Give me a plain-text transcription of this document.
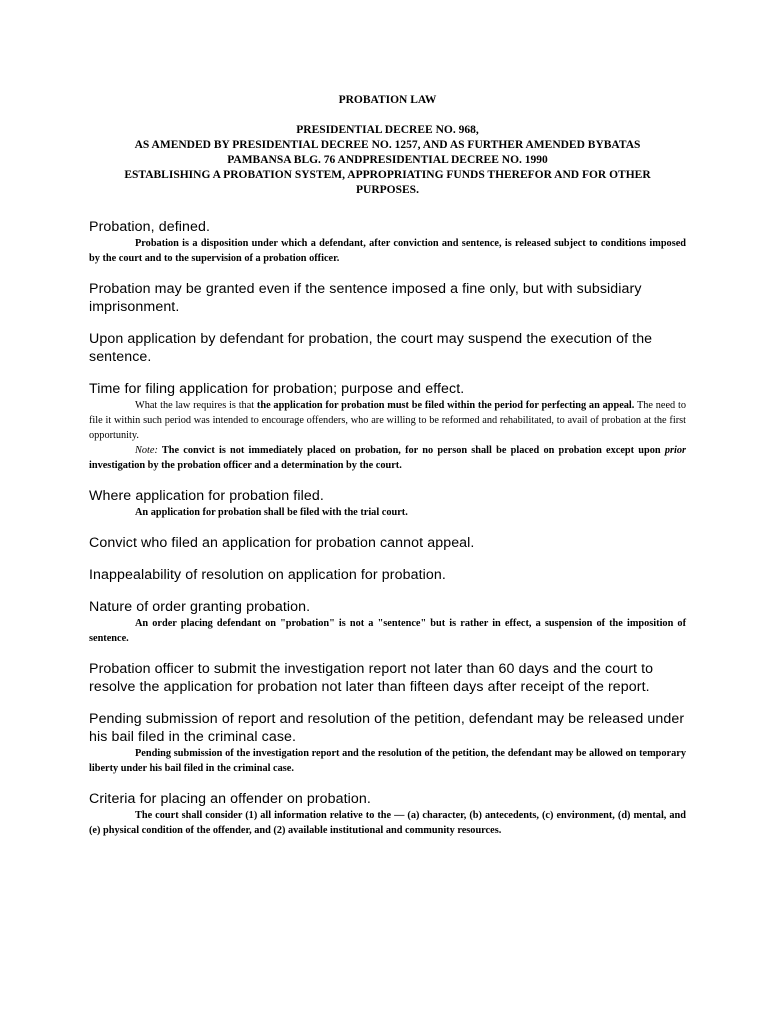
PROBATION LAW
PRESIDENTIAL DECREE NO. 968,
AS AMENDED BY PRESIDENTIAL DECREE NO. 1257, AND AS FURTHER AMENDED BYBATAS
PAMBANSA BLG. 76 ANDPRESIDENTIAL DECREE NO. 1990
ESTABLISHING A PROBATION SYSTEM, APPROPRIATING FUNDS THEREFOR AND FOR OTHER
PURPOSES.
Probation, defined.

Probation is a disposition under which a defendant, after conviction and sentence, is released subject to conditions imposed by the court and to the supervision of a probation officer.

Probation may be granted even if the sentence imposed a fine only, but with subsidiary imprisonment.
Upon application by defendant for probation, the court may suspend the execution of the sentence.
Time for filing application for probation; purpose and effect.

What the law requires is that the application for probation must be filed within the period for perfecting an appeal. The need to file it within such period was intended to encourage offenders, who are willing to be reformed and rehabilitated, to avail of probation at the first opportunity.

Note: The convict is not immediately placed on probation, for no person shall be placed on probation except upon prior investigation by the probation officer and a determination by the court.

Where application for probation filed.

An application for probation shall be filed with the trial court.

Convict who filed an application for probation cannot appeal.
Inappealability of resolution on application for probation.
Nature of order granting probation.

An order placing defendant on "probation" is not a "sentence" but is rather in effect, a suspension of the imposition of sentence.

Probation officer to submit the investigation report not later than 60 days and the court to resolve the application for probation not later than fifteen days after receipt of the report.
Pending submission of report and resolution of the petition, defendant may be released under his bail filed in the criminal case.

Pending submission of the investigation report and the resolution of the petition, the defendant may be allowed on temporary liberty under his bail filed in the criminal case.

Criteria for placing an offender on probation.

The court shall consider (1) all information relative to the — (a) character, (b) antecedents, (c) environment, (d) mental, and (e) physical condition of the offender, and (2) available institutional and community resources.
